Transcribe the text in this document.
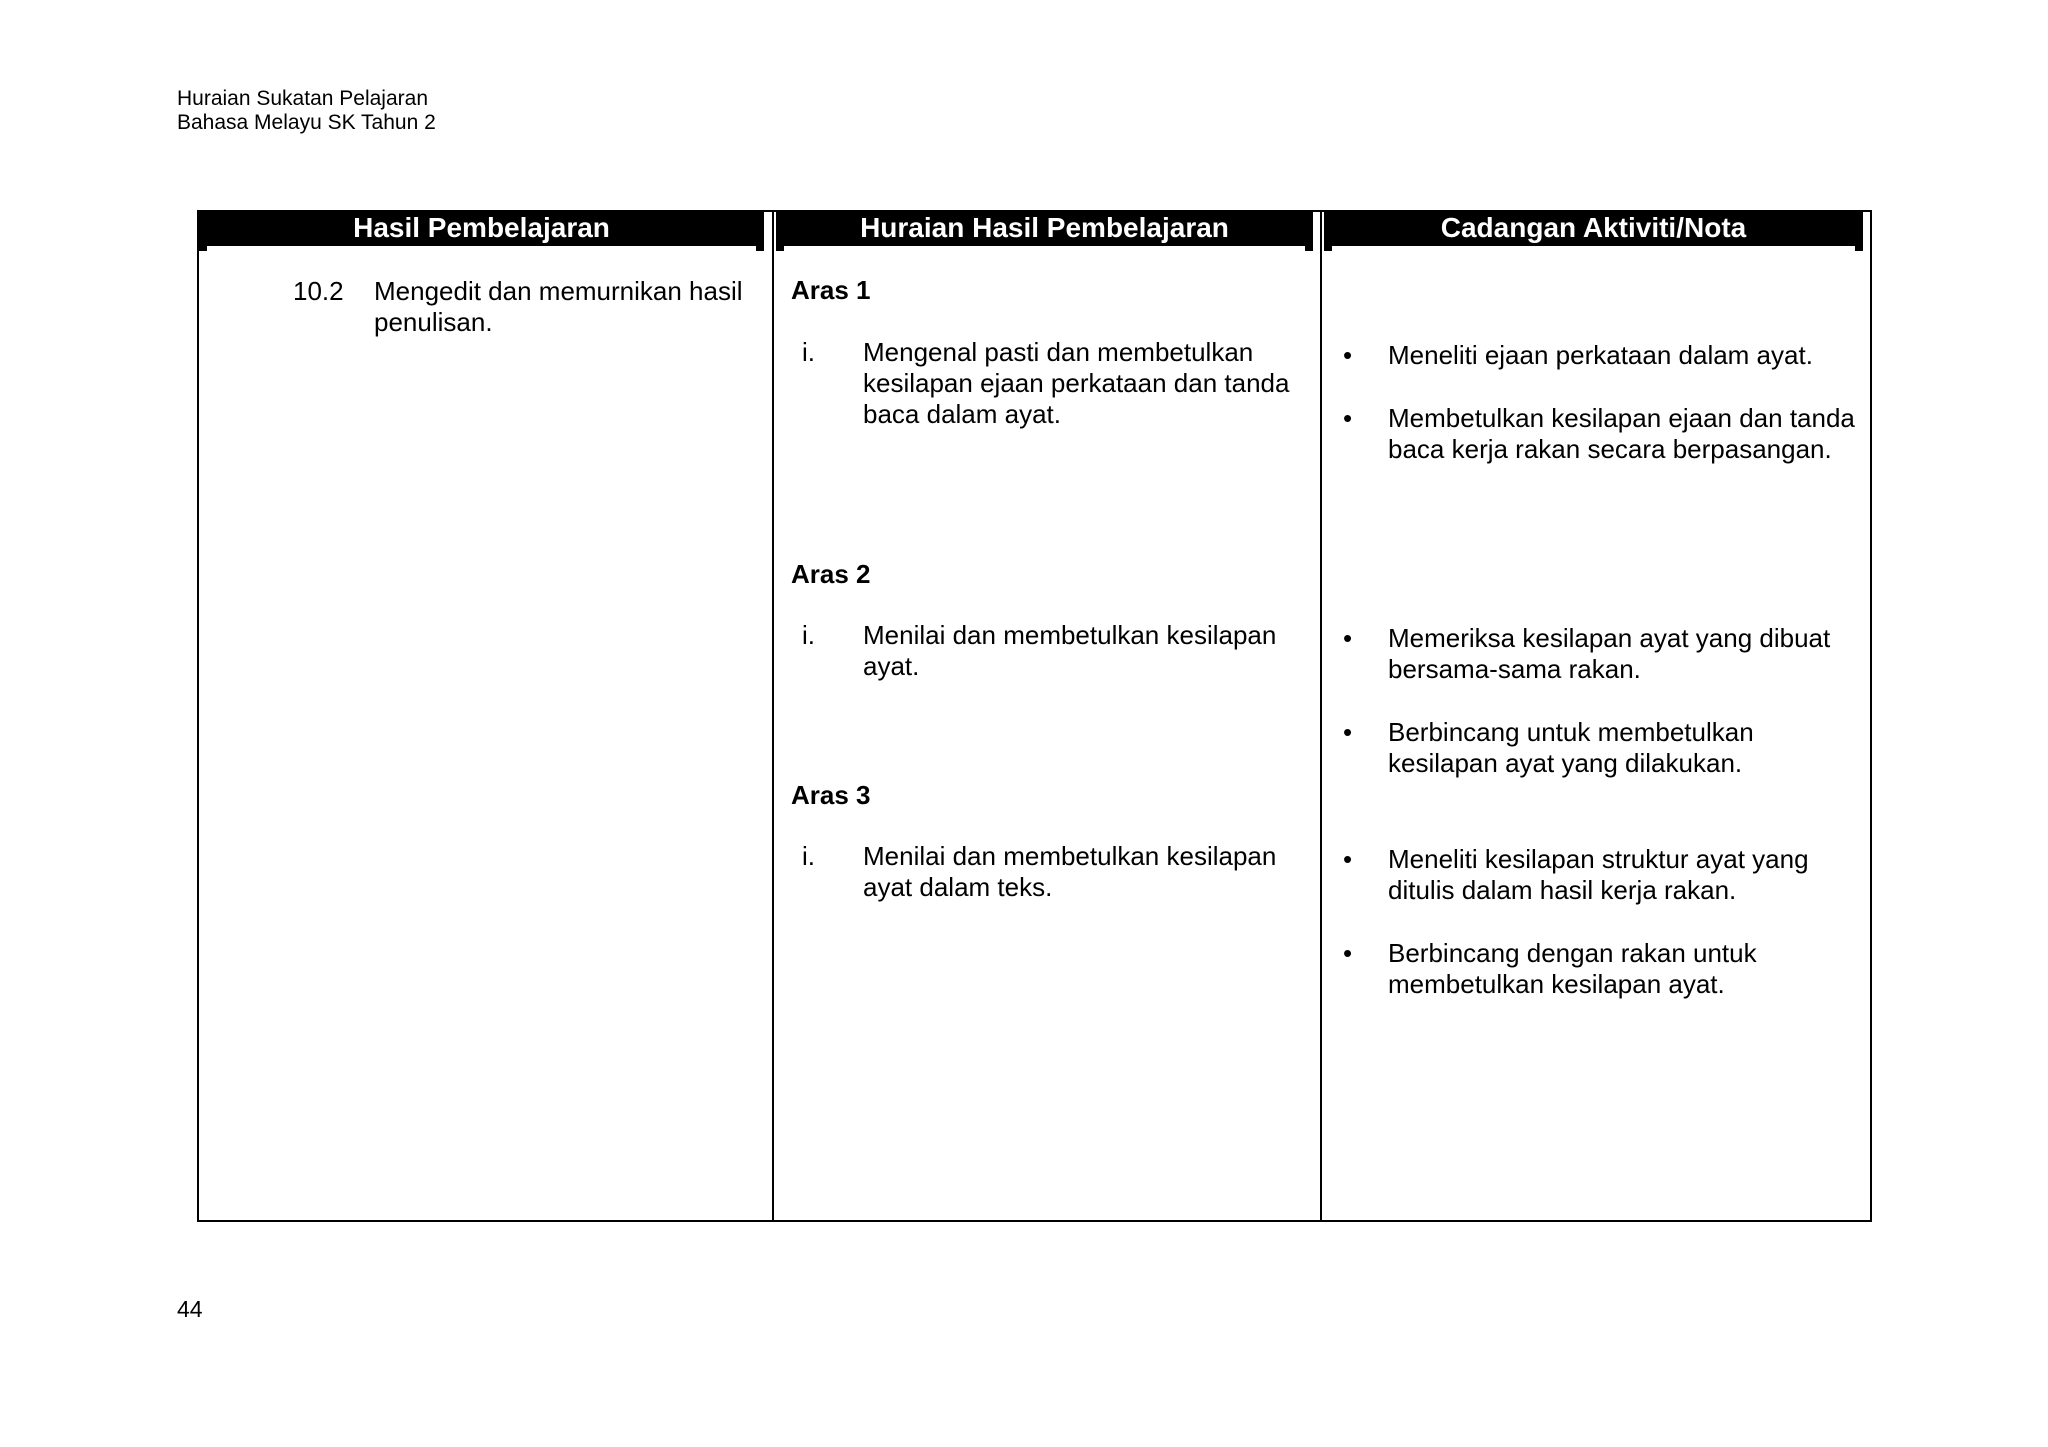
Huraian Sukatan Pelajaran
Bahasa Melayu SK Tahun 2
Hasil Pembelajaran	Huraian Hasil Pembelajaran	Cadangan Aktiviti/Nota
10.2 Mengedit dan memurnikan hasil penulisan.
Aras 1
i. Mengenal pasti dan membetulkan kesilapan ejaan perkataan dan tanda baca dalam ayat.
Aras 2
i. Menilai dan membetulkan kesilapan ayat.
Aras 3
i. Menilai dan membetulkan kesilapan ayat dalam teks.
• Meneliti ejaan perkataan dalam ayat.
• Membetulkan kesilapan ejaan dan tanda baca kerja rakan secara berpasangan.
• Memeriksa kesilapan ayat yang dibuat bersama-sama rakan.
• Berbincang untuk membetulkan kesilapan ayat yang dilakukan.
• Meneliti kesilapan struktur ayat yang ditulis dalam hasil kerja rakan.
• Berbincang dengan rakan untuk membetulkan kesilapan ayat.
44
